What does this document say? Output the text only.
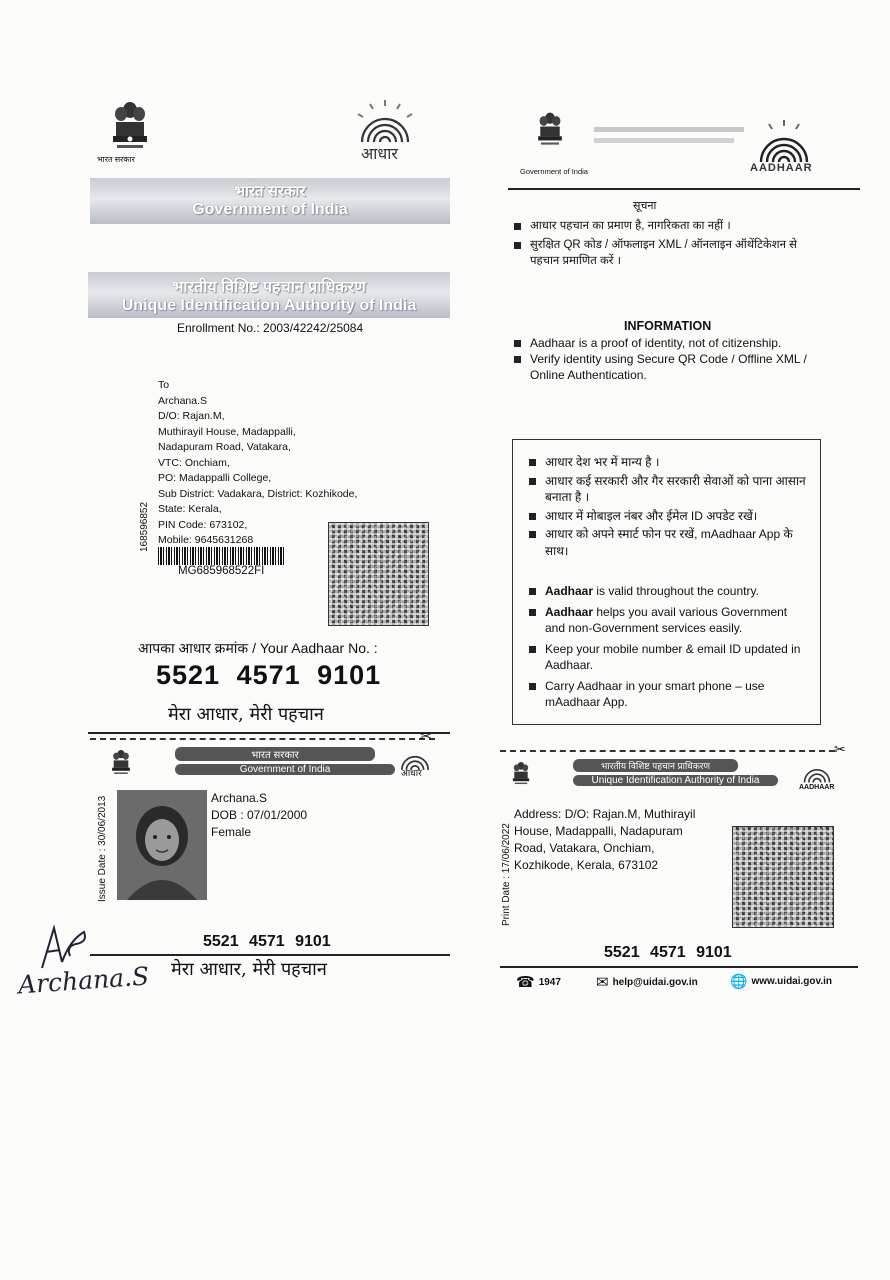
भारत सरकार	आधार
भारत सरकार
Government of India
भारतीय विशिष्ट पहचान प्राधिकरण
Unique Identification Authority of India
Enrollment No.: 2003/42242/25084
To
Archana.S
D/O: Rajan.M,
Muthirayil House, Madappalli,
Nadapuram Road, Vatakara,
VTC: Onchiam,
PO: Madappalli College,
Sub District: Vadakara, District: Kozhikode,
State: Kerala,
PIN Code: 673102,
Mobile: 9645631268
168596852
MG685968522FI
आपका आधार क्रमांक / Your Aadhaar No. :
5521 4571 9101
मेरा आधार, मेरी पहचान
✂
भारत सरकार
Government of India	आधार
Archana.S
DOB : 07/01/2000
Female
Issue Date : 30/06/2013
5521 4571 9101
मेरा आधार, मेरी पहचान
Archana.S
Government of India	AADHAAR
सूचना
आधार पहचान का प्रमाण है, नागरिकता का नहीं ।
सुरक्षित QR कोड / ऑफलाइन XML / ऑनलाइन ऑथेंटिकेशन से पहचान प्रमाणित करें ।
INFORMATION
Aadhaar is a proof of identity, not of citizenship.
Verify identity using Secure QR Code / Offline XML / Online Authentication.
आधार देश भर में मान्य है ।
आधार कई सरकारी और गैर सरकारी सेवाओं को पाना आसान बनाता है ।
आधार में मोबाइल नंबर और ईमेल ID अपडेट रखें।
आधार को अपने स्मार्ट फोन पर रखें, mAadhaar App के साथ।
Aadhaar is valid throughout the country.
Aadhaar helps you avail various Government and non-Government services easily.
Keep your mobile number & email ID updated in Aadhaar.
Carry Aadhaar in your smart phone – use mAadhaar App.
✂
भारतीय विशिष्ट पहचान प्राधिकरण
Unique Identification Authority of India
AADHAAR
Address: D/O: Rajan.M, Muthirayil House, Madappalli, Nadapuram Road, Vatakara, Onchiam, Kozhikode, Kerala, 673102
Print Date : 17/06/2022
5521 4571 9101
☎ 1947 ✉ help@uidai.gov.in 🌐 www.uidai.gov.in
